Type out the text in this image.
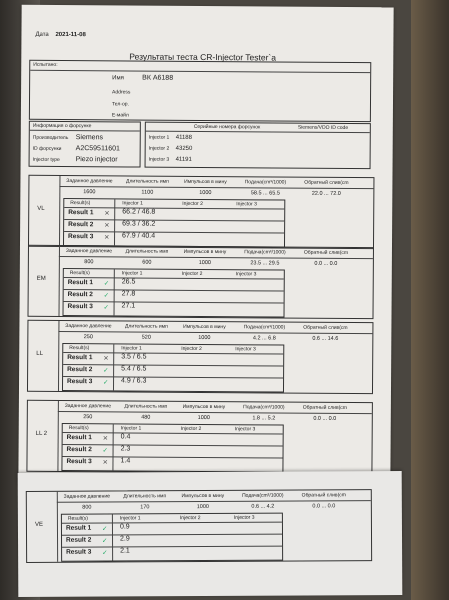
Дата 2021-11-08
Результаты теста CR-Injector Tester`a
Испытано:
Имя	ВК А6188
Address
Тел-ор.
E-майл
Информация о форсунке
Производитель Siemens
ID форсунки A2C59511601
Injector type Piezo injector
Серийные номера форсунок	Siemens/VDO ID code
Injector 1 41188
Injector 2 43250
Injector 3 41191
Заданное давление	Длительность имп	Импульсов в мину	Подача(cm³/1000)	Обратный слив(cm
1600	1100	1000	58.5 ... 65.5	22.0 ... 72.0
VL
Result(s)	Injector 1	Injector 2	Injector 3
Result 1 ✕ 66.2 / 46.8
Result 2 ✕ 69.3 / 36.2
Result 3 ✕ 67.9 / 40.4
Заданное давление	Длительность имп	Импульсов в мину	Подача(cm³/1000)	Обратный слив(cm
800	600	1000	23.5 ... 29.5	0.0 ... 0.0
EM
Result(s)	Injector 1	Injector 2	Injector 3
Result 1 ✓ 26.5
Result 2 ✓ 27.8
Result 3 ✓ 27.1
Заданное давление	Длительность имп	Импульсов в мину	Подача(cm³/1000)	Обратный слив(cm
250	520	1000	4.2 ... 6.8	0.6 ... 14.6
LL
Result(s)	Injector 1	Injector 2	Injector 3
Result 1 ✕ 3.5 / 6.5
Result 2 ✓ 5.4 / 6.5
Result 3 ✓ 4.9 / 6.3
Заданное давление	Длительность имп	Импульсов в мину	Подача(cm³/1000)	Обратный слив(cm
250	480	1000	1.8 ... 5.2	0.0 ... 0.0
LL 2
Result(s)	Injector 1	Injector 2	Injector 3
Result 1 ✕ 0.4
Result 2 ✓ 2.3
Result 3 ✕ 1.4
Заданное давление	Длительность имп	Импульсов в мину	Подача(cm³/1000)	Обратный слив(cm
800	170	1000	0.6 ... 4.2	0.0 ... 0.0
VE
Result(s)	Injector 1	Injector 2	Injector 3
Result 1 ✓ 0.9
Result 2 ✓ 2.9
Result 3 ✓ 2.1
